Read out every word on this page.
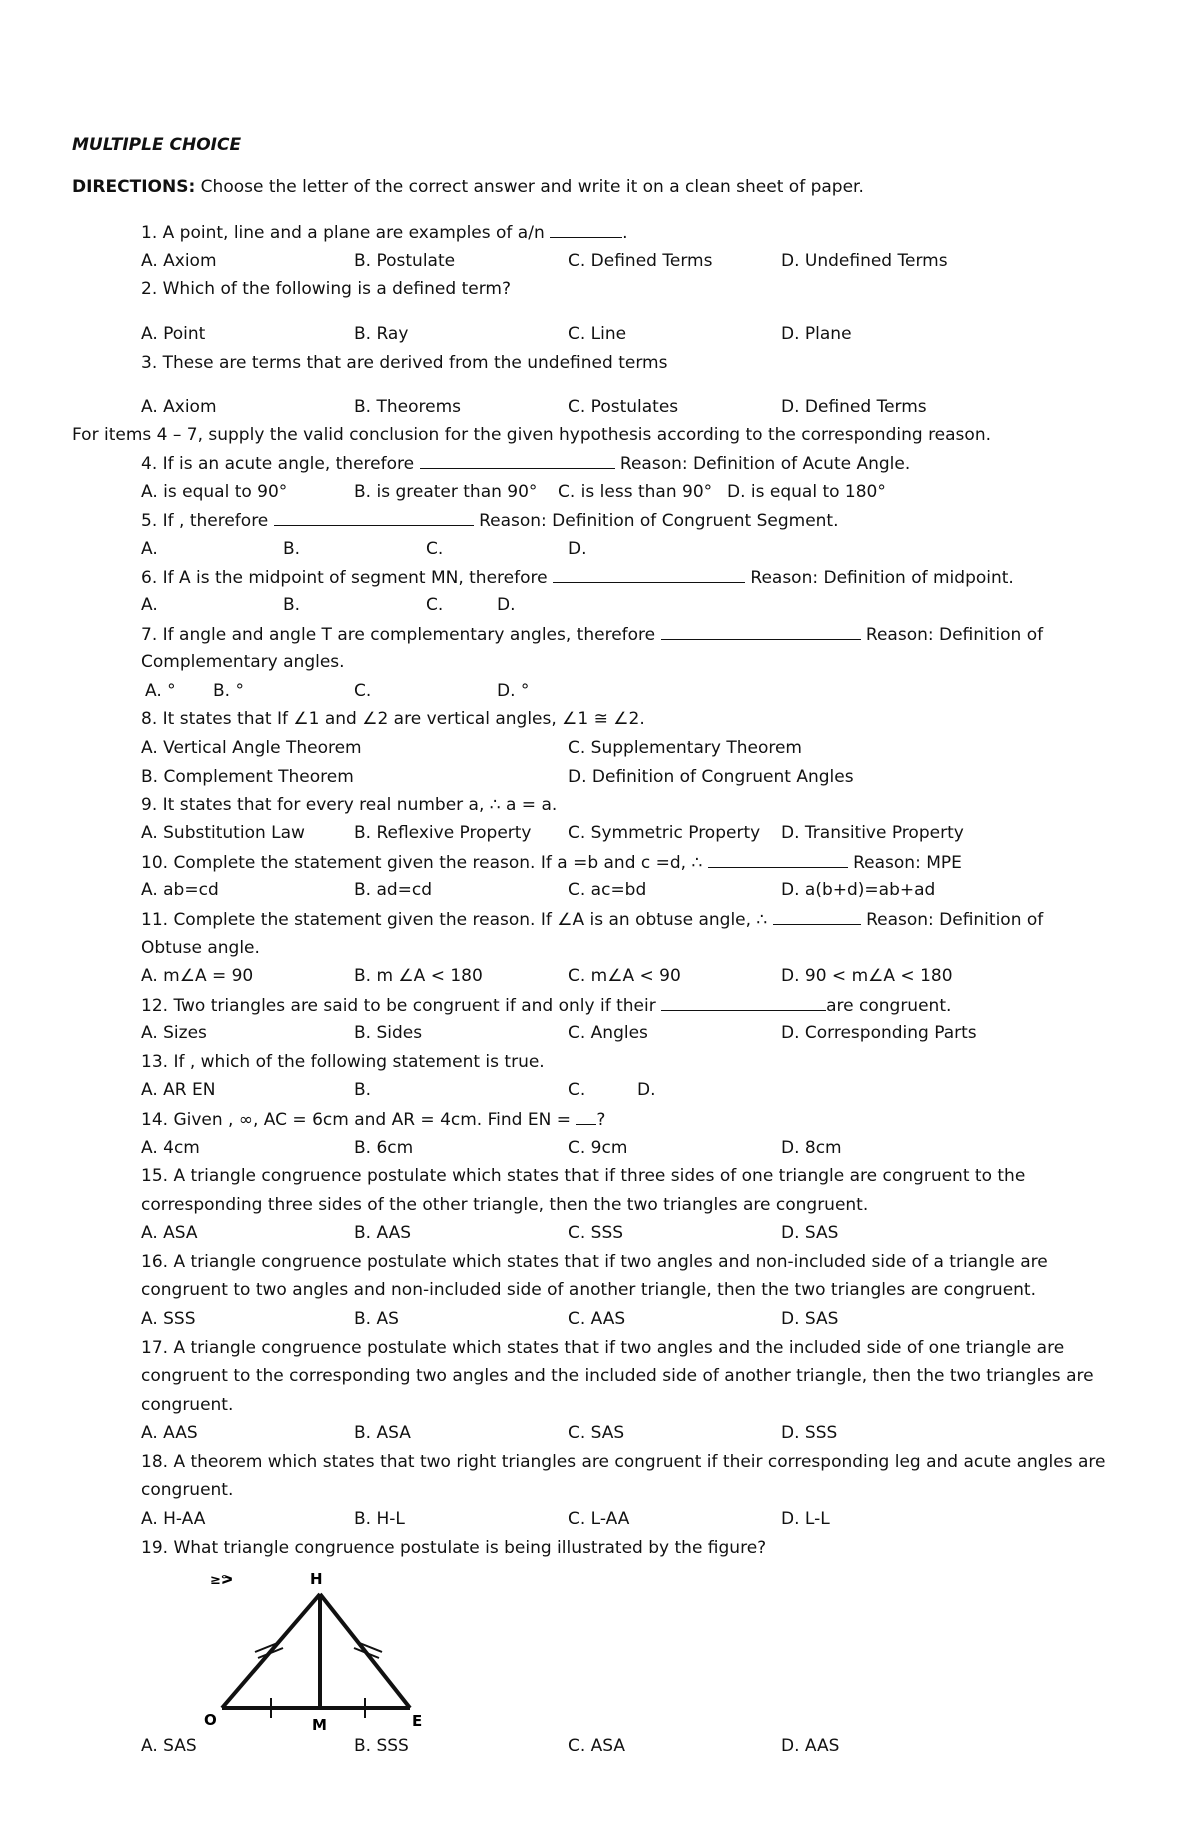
MULTIPLE CHOICE
DIRECTIONS: Choose the letter of the correct answer and write it on a clean sheet of paper.
1. A point, line and a plane are examples of a/n	.
A. Axiom	B. Postulate	C. Defined Terms	D. Undefined Terms
2. Which of the following is a defined term?
A. Point	B. Ray	C. Line	D. Plane
3. These are terms that are derived from the undefined terms
A. Axiom	B. Theorems	C. Postulates	D. Defined Terms
For items 4 – 7, supply the valid conclusion for the given hypothesis according to the corresponding reason.
4. If is an acute angle, therefore	Reason: Definition of Acute Angle.
A. is equal to 90°	B. is greater than 90° C. is less than 90° D. is equal to 180°
5. If , therefore	Reason: Definition of Congruent Segment.
A.	B.	C.	D.
6. If A is the midpoint of segment MN, therefore	Reason: Definition of midpoint.
A.	B.	C.	D.
7. If angle and angle T are complementary angles, therefore	Reason: Definition of
Complementary angles.
A. ° B. °	C.	D. °
8. It states that If ∠1 and ∠2 are vertical angles, ∠1 ≅ ∠2.
A. Vertical Angle Theorem	C. Supplementary Theorem
B. Complement Theorem	D. Definition of Congruent Angles
9. It states that for every real number a, ∴ a = a.
A. Substitution Law	B. Reflexive Property C. Symmetric Property D. Transitive Property
10. Complete the statement given the reason. If a =b and c =d, ∴	Reason: MPE
A. ab=cd	B. ad=cd	C. ac=bd	D. a(b+d)=ab+ad
11. Complete the statement given the reason. If ∠A is an obtuse angle, ∴	Reason: Definition of
Obtuse angle.
A. m∠A = 90	B. m ∠A < 180	C. m∠A < 90	D. 90 < m∠A < 180
12. Two triangles are said to be congruent if and only if their	are congruent.
A. Sizes	B. Sides	C. Angles	D. Corresponding Parts
13. If , which of the following statement is true.
A. AR EN	B.	C.	D.
14. Given , ∞, AC = 6cm and AR = 4cm. Find EN = ?
A. 4cm	B. 6cm	C. 9cm	D. 8cm
15. A triangle congruence postulate which states that if three sides of one triangle are congruent to the
corresponding three sides of the other triangle, then the two triangles are congruent.
A. ASA	B. AAS	C. SSS	D. SAS
16. A triangle congruence postulate which states that if two angles and non-included side of a triangle are
congruent to two angles and non-included side of another triangle, then the two triangles are congruent.
A. SSS	B. AS	C. AAS	D. SAS
17. A triangle congruence postulate which states that if two angles and the included side of one triangle are
congruent to the corresponding two angles and the included side of another triangle, then the two triangles are
congruent.
A. AAS	B. ASA	C. SAS	D. SSS
18. A theorem which states that two right triangles are congruent if their corresponding leg and acute angles are
congruent.
A. H-AA	B. H-L	C. L-AA	D. L-L
19. What triangle congruence postulate is being illustrated by the figure?
≥ᕗ	H
O	M	E
A. SAS	B. SSS	C. ASA	D. AAS
